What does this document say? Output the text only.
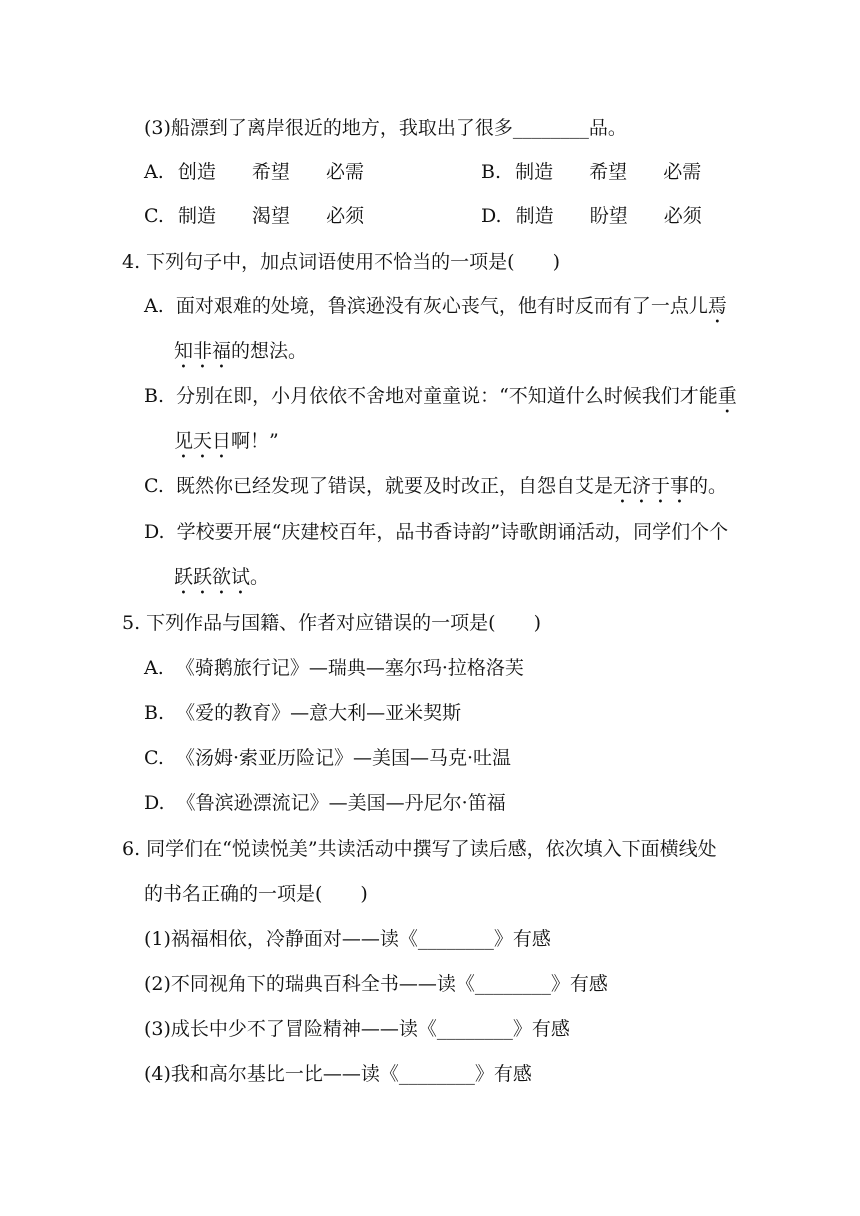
(3)船漂到了离岸很近的地方，我取出了很多________品。
A. 创造 希望 必需	B. 制造 希望 必需
C. 制造 渴望 必须	D. 制造 盼望 必须
4. 下列句子中，加点词语使用不恰当的一项是(　　)
A. 面对艰难的处境，鲁滨逊没有灰心丧气，他有时反而有了一点儿焉
知非福的想法。
B. 分别在即，小月依依不舍地对童童说：“不知道什么时候我们才能重
见天日啊！”
C. 既然你已经发现了错误，就要及时改正，自怨自艾是无济于事的。
D. 学校要开展“庆建校百年，品书香诗韵”诗歌朗诵活动，同学们个个
跃跃欲试。
5. 下列作品与国籍、作者对应错误的一项是(　　)
A. 《骑鹅旅行记》—瑞典—塞尔玛·拉格洛芙
B. 《爱的教育》—意大利—亚米契斯
C. 《汤姆·索亚历险记》—美国—马克·吐温
D. 《鲁滨逊漂流记》—美国—丹尼尔·笛福
6. 同学们在“悦读悦美”共读活动中撰写了读后感，依次填入下面横线处
的书名正确的一项是(　　)
(1)祸福相依，冷静面对——读《________》有感
(2)不同视角下的瑞典百科全书——读《________》有感
(3)成长中少不了冒险精神——读《________》有感
(4)我和高尔基比一比——读《________》有感
